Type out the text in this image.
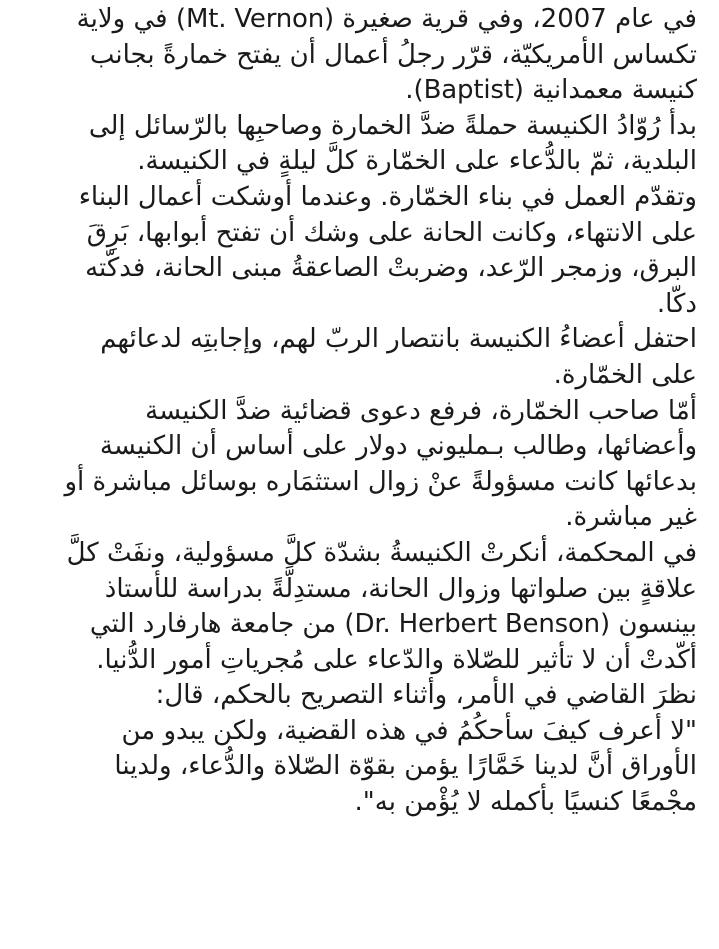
في عام 2007، وفي قرية صغيرة (Mt. Vernon) في ولاية
تكساس الأمريكيّة، قرّر رجلُ أعمال أن يفتح خمارةً بجانب
كنيسة معمدانية (Baptist).
بدأ رُوّادُ الكنيسة حملةً ضدَّ الخمارة وصاحبِها بالرّسائل إلى
البلدية، ثمّ بالدُّعاء على الخمّارة كلَّ ليلةٍ في الكنيسة.
وتقدّم العمل في بناء الخمّارة. وعندما أوشكت أعمال البناء
على الانتهاء، وكانت الحانة على وشك أن تفتح أبوابها، بَرِقَ
البرق، وزمجر الرّعد، وضربتْ الصاعقةُ مبنى الحانة، فدكّته
دكّا.
احتفل أعضاءُ الكنيسة بانتصار الربّ لهم، وإجابتِه لدعائهم
على الخمّارة.
أمّا صاحب الخمّارة، فرفع دعوى قضائية ضدَّ الكنيسة
وأعضائها، وطالب بـمليوني دولار على أساس أن الكنيسة
بدعائها كانت مسؤولةً عنْ زوال استثمَاره بوسائل مباشرة أو
غير مباشرة.
في المحكمة، أنكرتْ الكنيسةُ بشدّة كلَّ مسؤولية، ونفَتْ كلَّ
علاقةٍ بين صلواتها وزوال الحانة، مستدِلَّةً بدراسة للأستاذ
بينسون (Dr. Herbert Benson) من جامعة هارفارد التي
أكّدتْ أن لا تأثير للصّلاة والدّعاء على مُجرياتِ أمور الدُّنيا.
نظرَ القاضي في الأمر، وأثناء التصريح بالحكم، قال:
"لا أعرف كيفَ سأحكُمُ في هذه القضية، ولكن يبدو من
الأوراق أنَّ لدينا خَمَّارًا يؤمن بقوّة الصّلاة والدُّعاء، ولدينا
مجْمعًا كنسيًا بأكمله لا يُؤْمن به".
